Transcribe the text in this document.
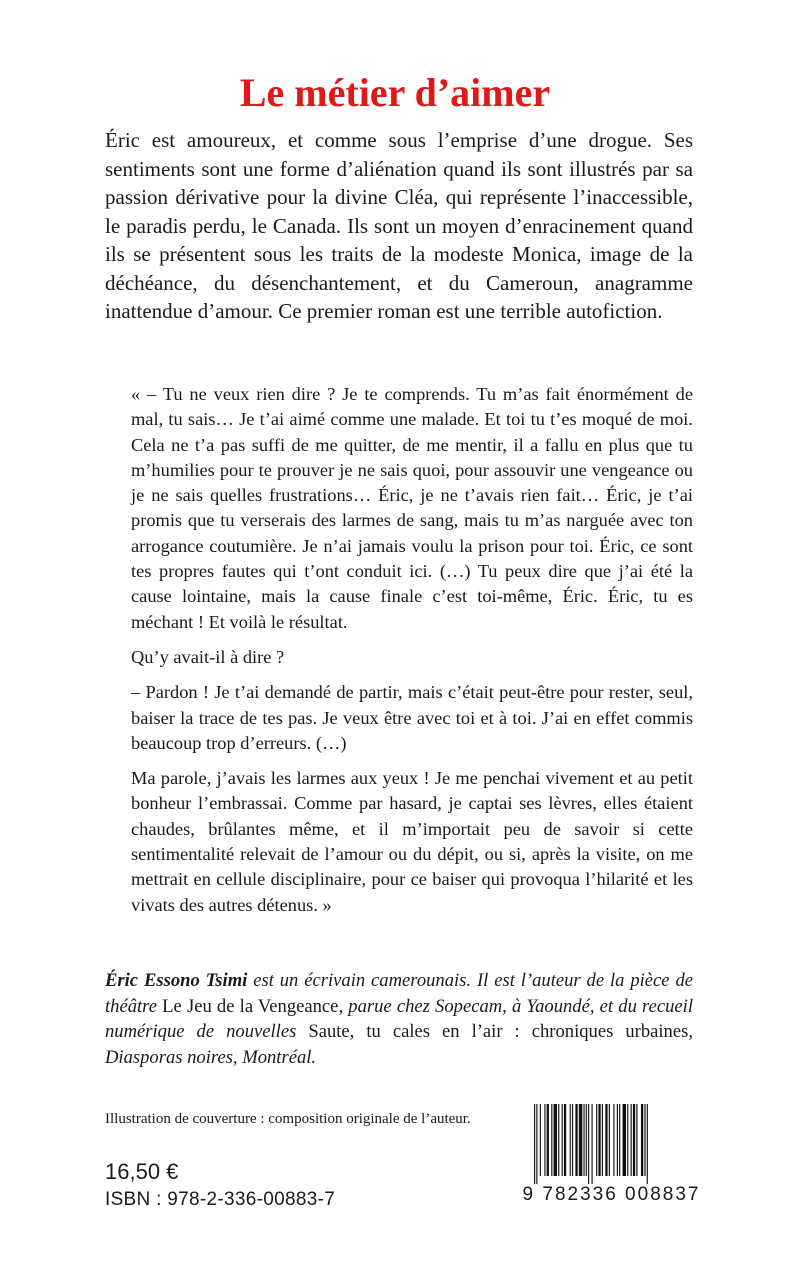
Le métier d’aimer

Éric est amoureux, et comme sous l’emprise d’une drogue. Ses sentiments sont une forme d’aliénation quand ils sont illustrés par sa passion dérivative pour la divine Cléa, qui représente l’inaccessible, le paradis perdu, le Canada. Ils sont un moyen d’enracinement quand ils se présentent sous les traits de la modeste Monica, image de la déchéance, du désenchantement, et du Cameroun, anagramme inattendue d’amour. Ce premier roman est une terrible autofiction.

« – Tu ne veux rien dire ? Je te comprends. Tu m’as fait énormément de mal, tu sais… Je t’ai aimé comme une malade. Et toi tu t’es moqué de moi. Cela ne t’a pas suffi de me quitter, de me mentir, il a fallu en plus que tu m’humilies pour te prouver je ne sais quoi, pour assouvir une vengeance ou je ne sais quelles frustrations… Éric, je ne t’avais rien fait… Éric, je t’ai promis que tu verserais des larmes de sang, mais tu m’as narguée avec ton arrogance coutumière. Je n’ai jamais voulu la prison pour toi. Éric, ce sont tes propres fautes qui t’ont conduit ici. (…) Tu peux dire que j’ai été la cause lointaine, mais la cause finale c’est toi-même, Éric. Éric, tu es méchant ! Et voilà le résultat.

Qu’y avait-il à dire ?

– Pardon ! Je t’ai demandé de partir, mais c’était peut-être pour rester, seul, baiser la trace de tes pas. Je veux être avec toi et à toi. J’ai en effet commis beaucoup trop d’erreurs. (…)

Ma parole, j’avais les larmes aux yeux ! Je me penchai vivement et au petit bonheur l’embrassai. Comme par hasard, je captai ses lèvres, elles étaient chaudes, brûlantes même, et il m’importait peu de savoir si cette sentimentalité relevait de l’amour ou du dépit, ou si, après la visite, on me mettrait en cellule disciplinaire, pour ce baiser qui provoqua l’hilarité et les vivats des autres détenus. »

Éric Essono Tsimi est un écrivain camerounais. Il est l’auteur de la pièce de théâtre Le Jeu de la Vengeance, parue chez Sopecam, à Yaoundé, et du recueil numérique de nouvelles Saute, tu cales en l’air : chroniques urbaines, Diasporas noires, Montréal.

Illustration de couverture : composition originale de l’auteur.
16,50 €
ISBN : 978-2-336-00883-7	9 782336 008837
